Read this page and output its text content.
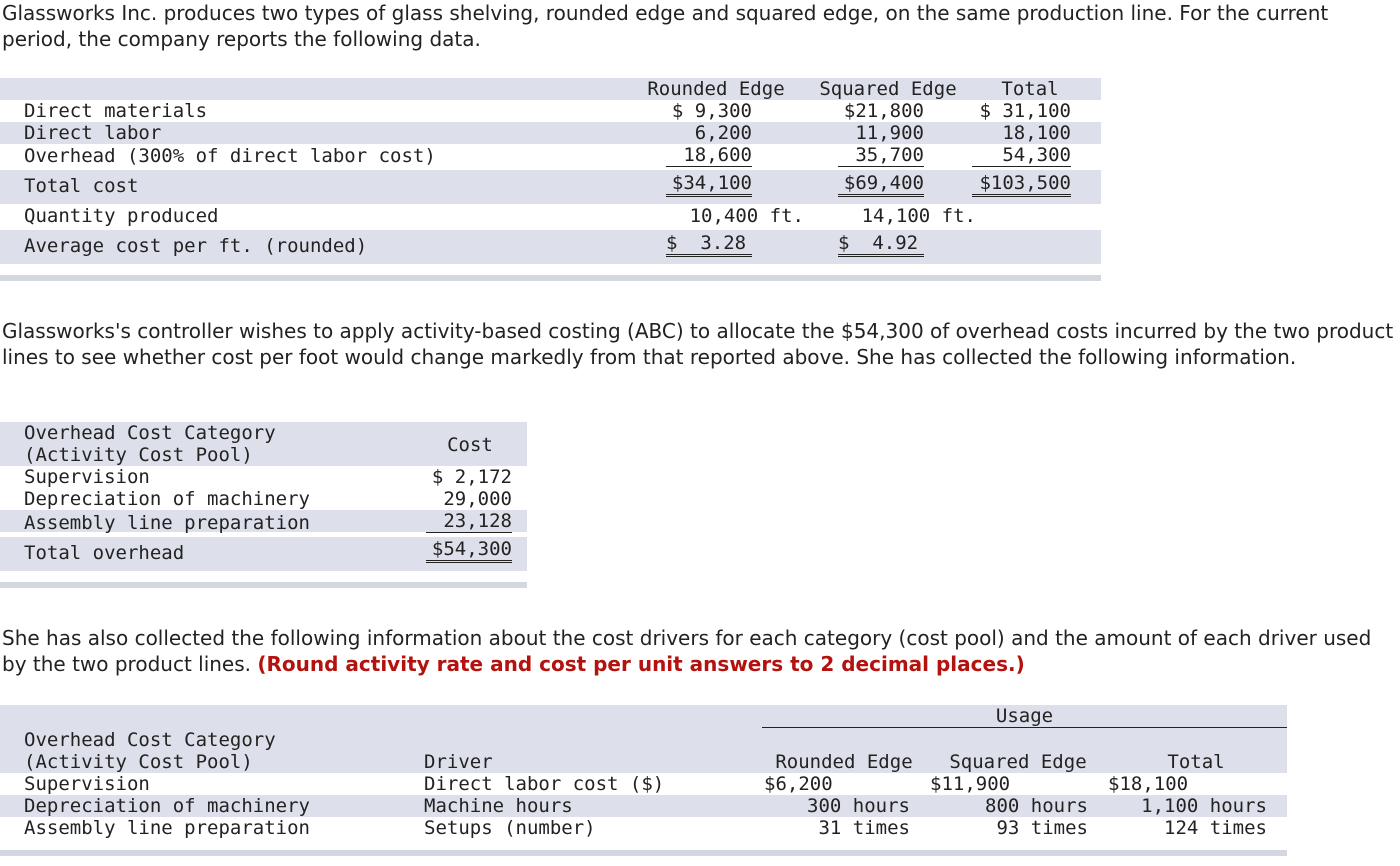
Glassworks Inc. produces two types of glass shelving, rounded edge and squared edge, on the same production line. For the current period, the company reports the following data.
Rounded Edge	Squared Edge	Total
Direct materials	$ 9,300	$21,800	$ 31,100
Direct labor	6,200	11,900	18,100
Overhead (300% of direct labor cost)	18,600	35,700	54,300
Total cost	$34,100	$69,400	$103,500
Quantity produced	10,400 ft.	14,100 ft.
Average cost per ft. (rounded)	$  3.28	$  4.92
Glassworks's controller wishes to apply activity-based costing (ABC) to allocate the $54,300 of overhead costs incurred by the two product lines to see whether cost per foot would change markedly from that reported above. She has collected the following information.
Overhead Cost Category
(Activity Cost Pool)	Cost
Supervision	$ 2,172
Depreciation of machinery	29,000
Assembly line preparation	23,128
Total overhead	$54,300
She has also collected the following information about the cost drivers for each category (cost pool) and the amount of each driver used by the two product lines. (Round activity rate and cost per unit answers to 2 decimal places.)
Usage
Overhead Cost Category
(Activity Cost Pool)	Driver	Rounded Edge	Squared Edge	Total
Supervision	Direct labor cost ($)	$6,200	$11,900	$18,100
Depreciation of machinery	Machine hours	300 hours	800 hours	1,100 hours
Assembly line preparation	Setups (number)	31 times	93 times	124 times
